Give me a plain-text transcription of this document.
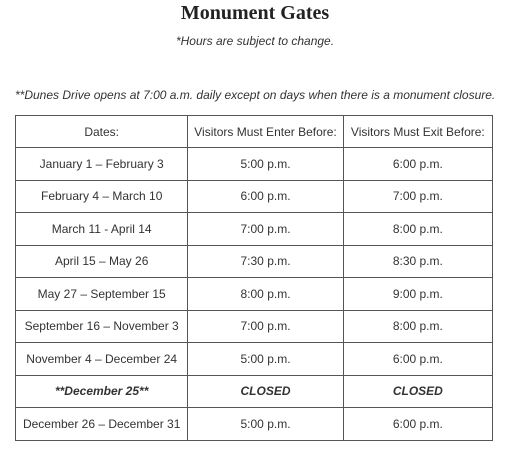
Monument Gates
*Hours are subject to change.
**Dunes Drive opens at 7:00 a.m. daily except on days when there is a monument closure.
Dates:	Visitors Must Enter Before:	Visitors Must Exit Before:
January 1 – February 3	5:00 p.m.	6:00 p.m.
February 4 – March 10	6:00 p.m.	7:00 p.m.
March 11 - April 14	7:00 p.m.	8:00 p.m.
April 15 – May 26	7:30 p.m.	8:30 p.m.
May 27 – September 15	8:00 p.m.	9:00 p.m.
September 16 – November 3	7:00 p.m.	8:00 p.m.
November 4 – December 24	5:00 p.m.	6:00 p.m.
**December 25**	CLOSED	CLOSED
December 26 – December 31	5:00 p.m.	6:00 p.m.
